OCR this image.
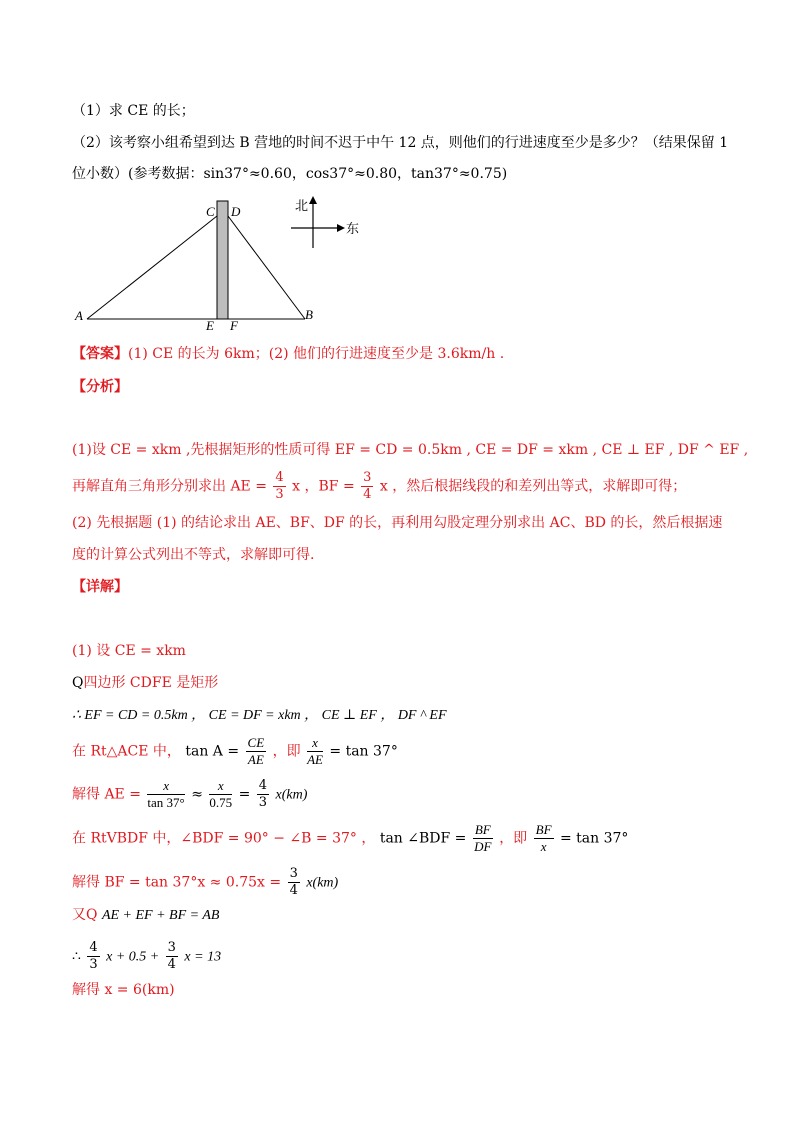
（1）求 CE 的长；
（2）该考察小组希望到达 B 营地的时间不迟于中午 12 点，则他们的行进速度至少是多少？（结果保留 1
位小数）(参考数据：sin37°≈0.60，cos37°≈0.80，tan37°≈0.75)
A	B
C D
E F
北
东
【答案】(1) CE 的长为 6km；(2) 他们的行进速度至少是 3.6km/h .
【分析】
(1)设 CE = xkm ,先根据矩形的性质可得 EF = CD = 0.5km , CE = DF = xkm , CE ⊥ EF , DF ^ EF ,
再解直角三角形分别求出 AE = $\frac{4}{3}$ x ，BF = $\frac{3}{4}$ x ，然后根据线段的和差列出等式，求解即可得；
(2) 先根据题 (1) 的结论求出 AE、BF、DF 的长，再利用勾股定理分别求出 AC、BD 的长，然后根据速
度的计算公式列出不等式，求解即可得.
【详解】
(1) 设 CE = xkm
Q四边形 CDFE 是矩形
∴ EF = CD = 0.5km ， CE = DF = xkm ， CE ⊥ EF ， DF ^ EF
在 Rt△ACE 中， $\tan A = \frac{CE}{AE}$ ，即 $\frac{x}{AE} = \tan 37^\circ$
解得 AE = $\frac{x}{\tan 37^\circ} \approx \frac{x}{0.75} = \frac{4}{3} x(km)$
在 RtVBDF 中，∠BDF = 90° − ∠B = 37° ， tan ∠BDF = $\frac{BF}{DF}$ ，即 $\frac{BF}{x} = \tan 37^\circ$
解得 BF = $\tan 37^\circ x \approx 0.75x = \frac{3}{4} x(km)$
又Q AE + EF + BF = AB
∴ $\frac{4}{3}$ $x + 0.5 + \frac{3}{4}$ x = 13
解得 x = 6(km)
